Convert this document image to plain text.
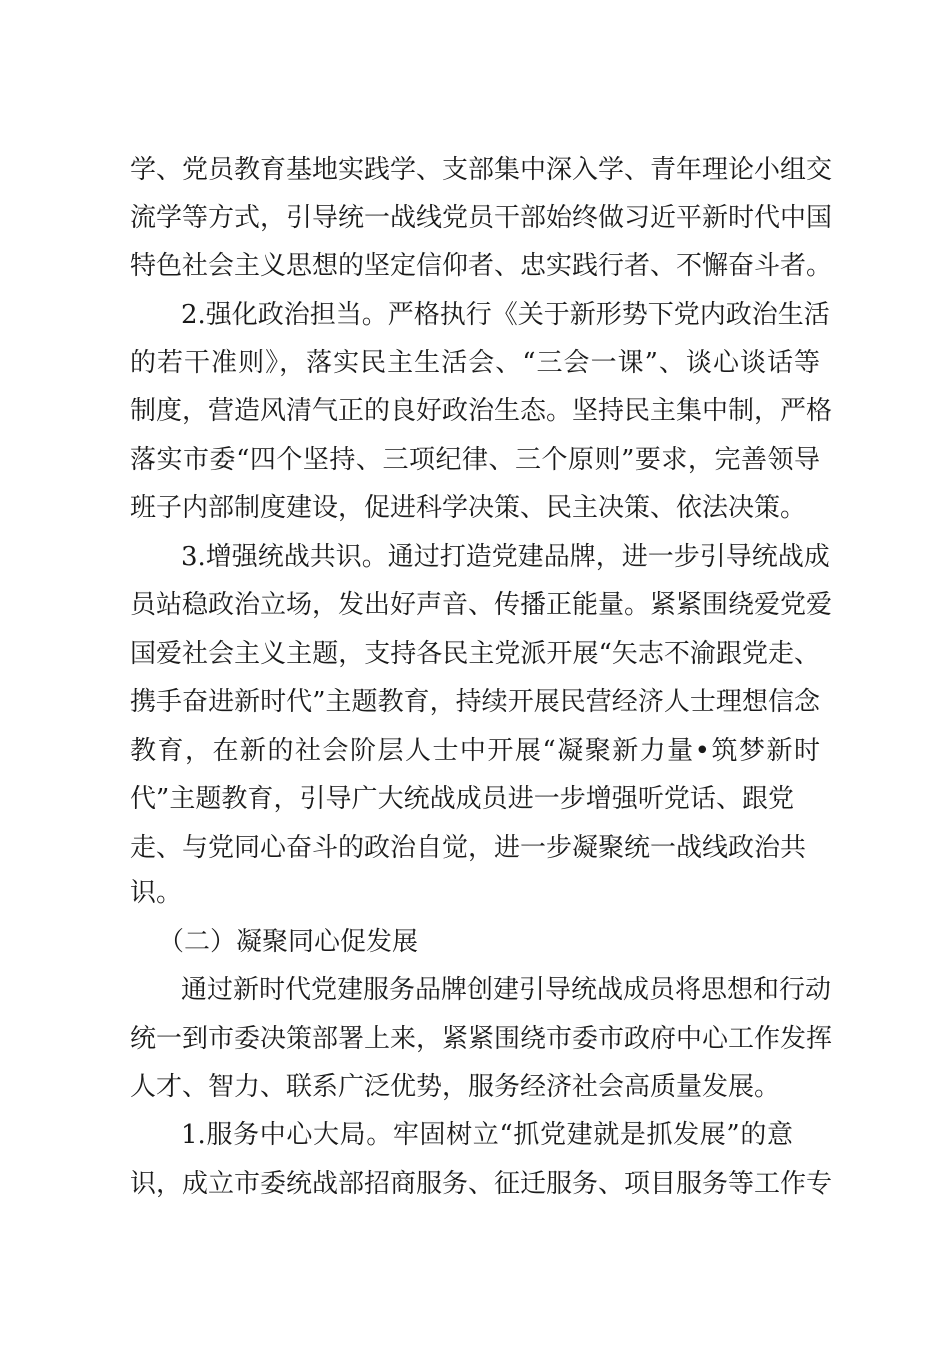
学、党员教育基地实践学、支部集中深入学、青年理论小组交
流学等方式，引导统一战线党员干部始终做习近平新时代中国
特色社会主义思想的坚定信仰者、忠实践行者、不懈奋斗者。
2.强化政治担当。严格执行《关于新形势下党内政治生活
的若干准则》，落实民主生活会、“三会一课”、谈心谈话等
制度，营造风清气正的良好政治生态。坚持民主集中制，严格
落实市委“四个坚持、三项纪律、三个原则”要求，完善领导
班子内部制度建设，促进科学决策、民主决策、依法决策。
3.增强统战共识。通过打造党建品牌，进一步引导统战成
员站稳政治立场，发出好声音、传播正能量。紧紧围绕爱党爱
国爱社会主义主题，支持各民主党派开展“矢志不渝跟党走、
携手奋进新时代”主题教育，持续开展民营经济人士理想信念
教育，在新的社会阶层人士中开展“凝聚新力量•筑梦新时
代”主题教育，引导广大统战成员进一步增强听党话、跟党
走、与党同心奋斗的政治自觉，进一步凝聚统一战线政治共
识。
（二）凝聚同心促发展
通过新时代党建服务品牌创建引导统战成员将思想和行动
统一到市委决策部署上来，紧紧围绕市委市政府中心工作发挥
人才、智力、联系广泛优势，服务经济社会高质量发展。
1.服务中心大局。牢固树立“抓党建就是抓发展”的意
识，成立市委统战部招商服务、征迁服务、项目服务等工作专
